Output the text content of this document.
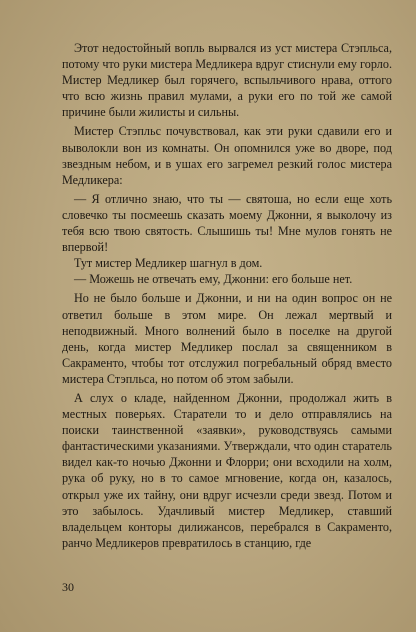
Этот недостойный вопль вырвался из уст мистера Стэпльса, потому что руки мистера Медликера вдруг стиснули ему горло. Мистер Медликер был горячего, вспыльчивого нрава, оттого что всю жизнь правил мулами, а руки его по той же самой причине были жилисты и сильны.

Мистер Стэпльс почувствовал, как эти руки сдавили его и выволокли вон из комнаты. Он опомнился уже во дворе, под звездным небом, и в ушах его загремел резкий голос мистера Медликера:

— Я отлично знаю, что ты — святоша, но если еще хоть словечко ты посмеешь сказать моему Джонни, я выколочу из тебя всю твою святость. Слышишь ты! Мне мулов гонять не впервой!

Тут мистер Медликер шагнул в дом.

— Можешь не отвечать ему, Джонни: его больше нет.

Но не было больше и Джонни, и ни на один вопрос он не ответил больше в этом мире. Он лежал мертвый и неподвижный. Много волнений было в поселке на другой день, когда мистер Медликер послал за священником в Сакраменто, чтобы тот отслужил погребальный обряд вместо мистера Стэпльса, но потом об этом забыли.

А слух о кладе, найденном Джонни, продолжал жить в местных поверьях. Старатели то и дело отправлялись на поиски таинственной «заявки», руководствуясь самыми фантастическими указаниями. Утверждали, что один старатель видел как-то ночью Джонни и Флорри; они всходили на холм, рука об руку, но в то самое мгновение, когда он, казалось, открыл уже их тайну, они вдруг исчезли среди звезд. Потом и это забылось. Удачливый мистер Медликер, ставший владельцем конторы дилижансов, перебрался в Сакраменто, ранчо Медликеров превратилось в станцию, где

30
